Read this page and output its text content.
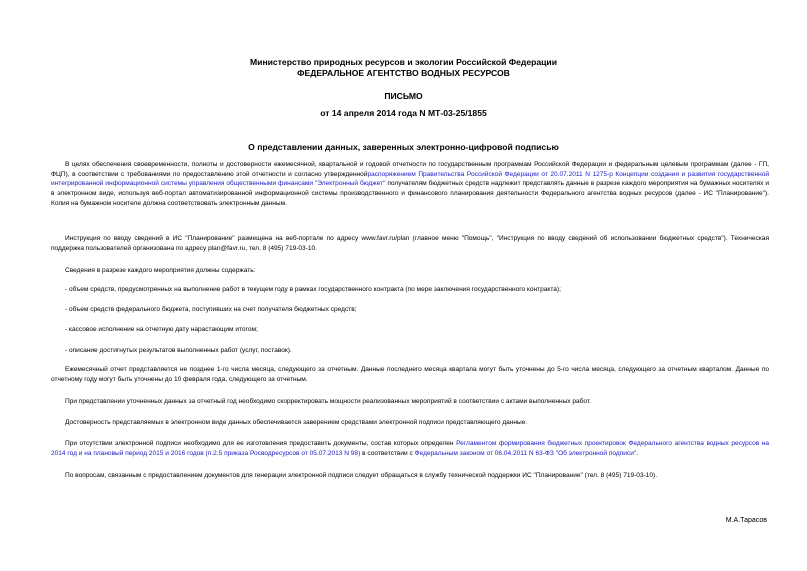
Министерство природных ресурсов и экологии Российской Федерации
ФЕДЕРАЛЬНОЕ АГЕНТСТВО ВОДНЫХ РЕСУРСОВ
ПИСЬМО
от 14 апреля 2014 года N МТ-03-25/1855
О представлении данных, заверенных электронно-цифровой подписью

В целях обеспечения своевременности, полноты и достоверности ежемесячной, квартальной и годовой отчетности по государственным программам Российской Федерации и федеральным целевым программам (далее - ГП, ФЦП), в соответствии с требованиями по предоставлению этой отчетности и согласно утвержденнойраспоряжением Правительства Российской Федерации от 20.07.2011 N 1275-р Концепции создания и развития государственной интегрированной информационной системы управления общественными финансами "Электронный бюджет" получателям бюджетных средств надлежит представлять данные в разрезе каждого мероприятия на бумажных носителях и в электронном виде, используя веб-портал автоматизированной информационной системы производственного и финансового планирования деятельности Федерального агентства водных ресурсов (далее - ИС "Планирование"). Копия на бумажном носителе должна соответствовать электронным данным.

Инструкция по вводу сведений в ИС "Планирование" размещена на веб-портале по адресу www.favr.ru/plan (главное меню "Помощь", "Инструкция по вводу сведений об использовании бюджетных средств"). Техническая поддержка пользователей организована по адресу plan@favr.ru, тел. 8 (495) 719-03-10.

Сведения в разрезе каждого мероприятия должны содержать:

- объем средств, предусмотренных на выполнение работ в текущем году в рамках государственного контракта (по мере заключения государственного контракта);

- объем средств федерального бюджета, поступивших на счет получателя бюджетных средств;

- кассовое исполнение на отчетную дату нарастающим итогом;

- описание достигнутых результатов выполненных работ (услуг, поставок).

Ежемесячный отчет представляется не позднее 1-го числа месяца, следующего за отчетным. Данные последнего месяца квартала могут быть уточнены до 5-го числа месяца, следующего за отчетным кварталом. Данные по отчетному году могут быть уточнены до 10 февраля года, следующего за отчетным.

При представлении уточненных данных за отчетный год необходимо скорректировать мощности реализованных мероприятий в соответствии с актами выполненных работ.

Достоверность представляемых в электронном виде данных обеспечивается заверением средствами электронной подписи представляющего данные.

При отсутствии электронной подписи необходимо для ее изготовления предоставить документы, состав которых определен Регламентом формирования бюджетных проектировок Федерального агентства водных ресурсов на 2014 год и на плановый период 2015 и 2016 годов (п.2.5 приказа Росводресурсов от 05.07.2013 N 98) в соответствии с Федеральным законом от 06.04.2011 N 63-ФЗ "Об электронной подписи".

По вопросам, связанным с предоставлением документов для генерации электронной подписи следует обращаться в службу технической поддержки ИС "Планирование" (тел. 8 (495) 719-03-10).

М.А.Тарасов
